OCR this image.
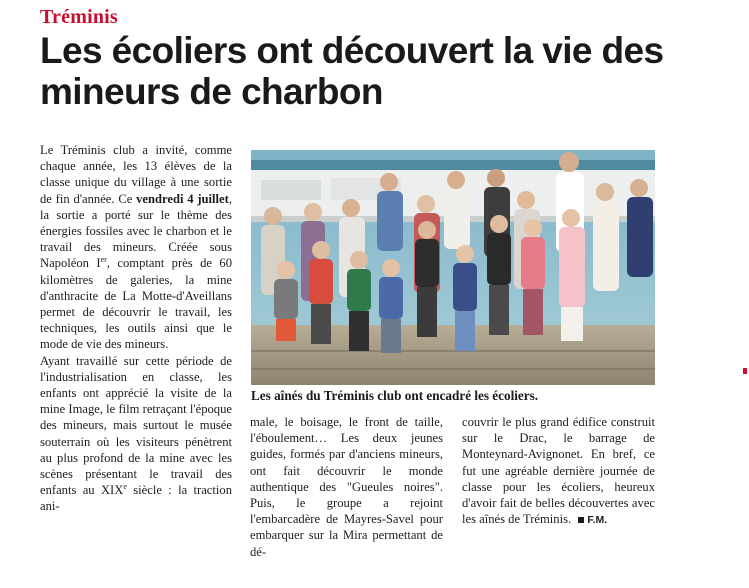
Tréminis
Les écoliers ont découvert la vie des mineurs de charbon

Le Tréminis club a invité, comme chaque année, les 13 élèves de la classe unique du village à une sortie de fin d'année. Ce vendredi 4 juillet, la sortie a porté sur le thème des énergies fossiles avec le charbon et le travail des mineurs. Créée sous Napoléon Ier, comptant près de 60 kilomètres de galeries, la mine d'anthracite de La Motte-d'Aveillans permet de découvrir le travail, les techniques, les outils ainsi que le mode de vie des mineurs.

Ayant travaillé sur cette période de l'industrialisation en classe, les enfants ont apprécié la visite de la mine Image, le film retraçant l'époque des mineurs, mais surtout le musée souterrain où les visiteurs pénètrent au plus profond de la mine avec les scènes présentant le travail des enfants au XIXe siècle : la traction ani-

Les aînés du Tréminis club ont encadré les écoliers.

male, le boisage, le front de taille, l'éboulement… Les deux jeunes guides, formés par d'anciens mineurs, ont fait découvrir le monde authentique des "Gueules noires". Puis, le groupe a rejoint l'embarcadère de Mayres-Savel pour embarquer sur la Mira permettant de dé-

couvrir le plus grand édifice construit sur le Drac, le barrage de Monteynard-Avignonet. En bref, ce fut une agréable dernière journée de classe pour les écoliers, heureux d'avoir fait de belles découvertes avec les aînés de Tréminis. F.M.
